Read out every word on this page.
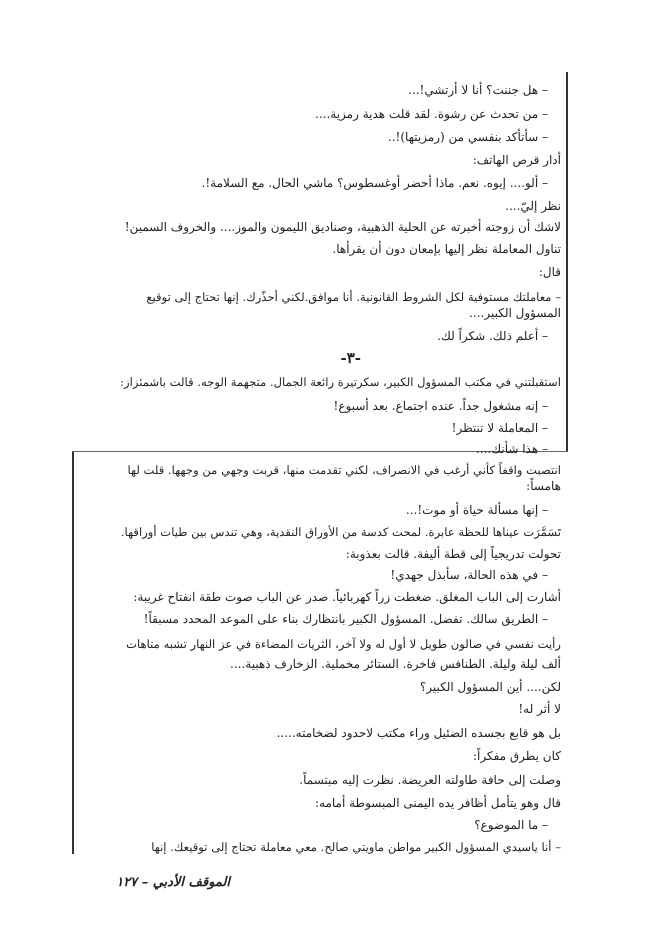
– هل جننت؟ أنا لا أرتشي!...
– من تحدث عن رشوة. لقد قلت هدية رمزية....
– سأتأكد بنفسي من (رمزيتها)!..
أدار قرص الهاتف:
– ألو.... إيوه. نعم. ماذا أحضر أوغسطوس؟ ماشي الحال. مع السلامة!.
نظر إليّ....
لاشك أن زوجته أخبرته عن الحلية الذهبية، وصناديق الليمون والموز.... والخروف السمين!
تناول المعاملة نظر إليها بإمعان دون أن يقرأها.
قال:
– معاملتك مستوفية لكل الشروط القانونية. أنا موافق.لكني أحذّرك. إنها تحتاج إلى توقيع
المسؤول الكبير....
– أعلم ذلك. شكراً لك.
-٣-
استقبلتني في مكتب المسؤول الكبير، سكرتيرة رائعة الجمال. متجهمة الوجه. قالت باشمئزاز:
– إنه مشغول جداً. عنده اجتماع. بعد أسبوع!
– المعاملة لا تنتظر!
– هذا شأنك....
انتصبت واقفاً كأني أرغب في الانصراف، لكني تقدمت منها، قربت وجهي من وجهها. قلت لها
هامساً:
– إنها مسألة حياة أو موت!...
تَسَمَّرَت عيناها للحظة عابرة. لمحت كدسة من الأوراق النقدية، وهي تندس بين طيات أوراقها.
تحولت تدريجياً إلى قطة أليفة. قالت بعذوبة:
– في هذه الحالة، سأبذل جهدي!
أشارت إلى الباب المغلق. ضغطت زراً كهربائياً. صدر عن الباب صوت طقة انفتاح غريبة:
– الطريق سالك. تفضل. المسؤول الكبير بانتظارك بناء على الموعد المحدد مسبقاً!
رأيت نفسي في صالون طويل لا أول له ولا آخر، الثريات المضاءة في عز النهار تشبه متاهات
ألف ليلة وليلة. الطنافس فاخرة. الستائر مخملية. الزخارف ذهبية....
لكن.... أين المسؤول الكبير؟
لا أثر له!
بل هو قابع بجسده الضئيل وراء مكتب لاحدود لضخامته.....
كان يطرق مفكراً:
وصلت إلى حافة طاولته العريضة. نظرت إليه مبتسماً.
قال وهو يتأمل أظافر يده اليمنى المبسوطة أمامه:
– ما الموضوع؟
– أنا ياسيدي المسؤول الكبير مواطن ماويتي صالح. معي معاملة تحتاج إلى توقيعك. إنها
الموقف الأدبي – ١٢٧
